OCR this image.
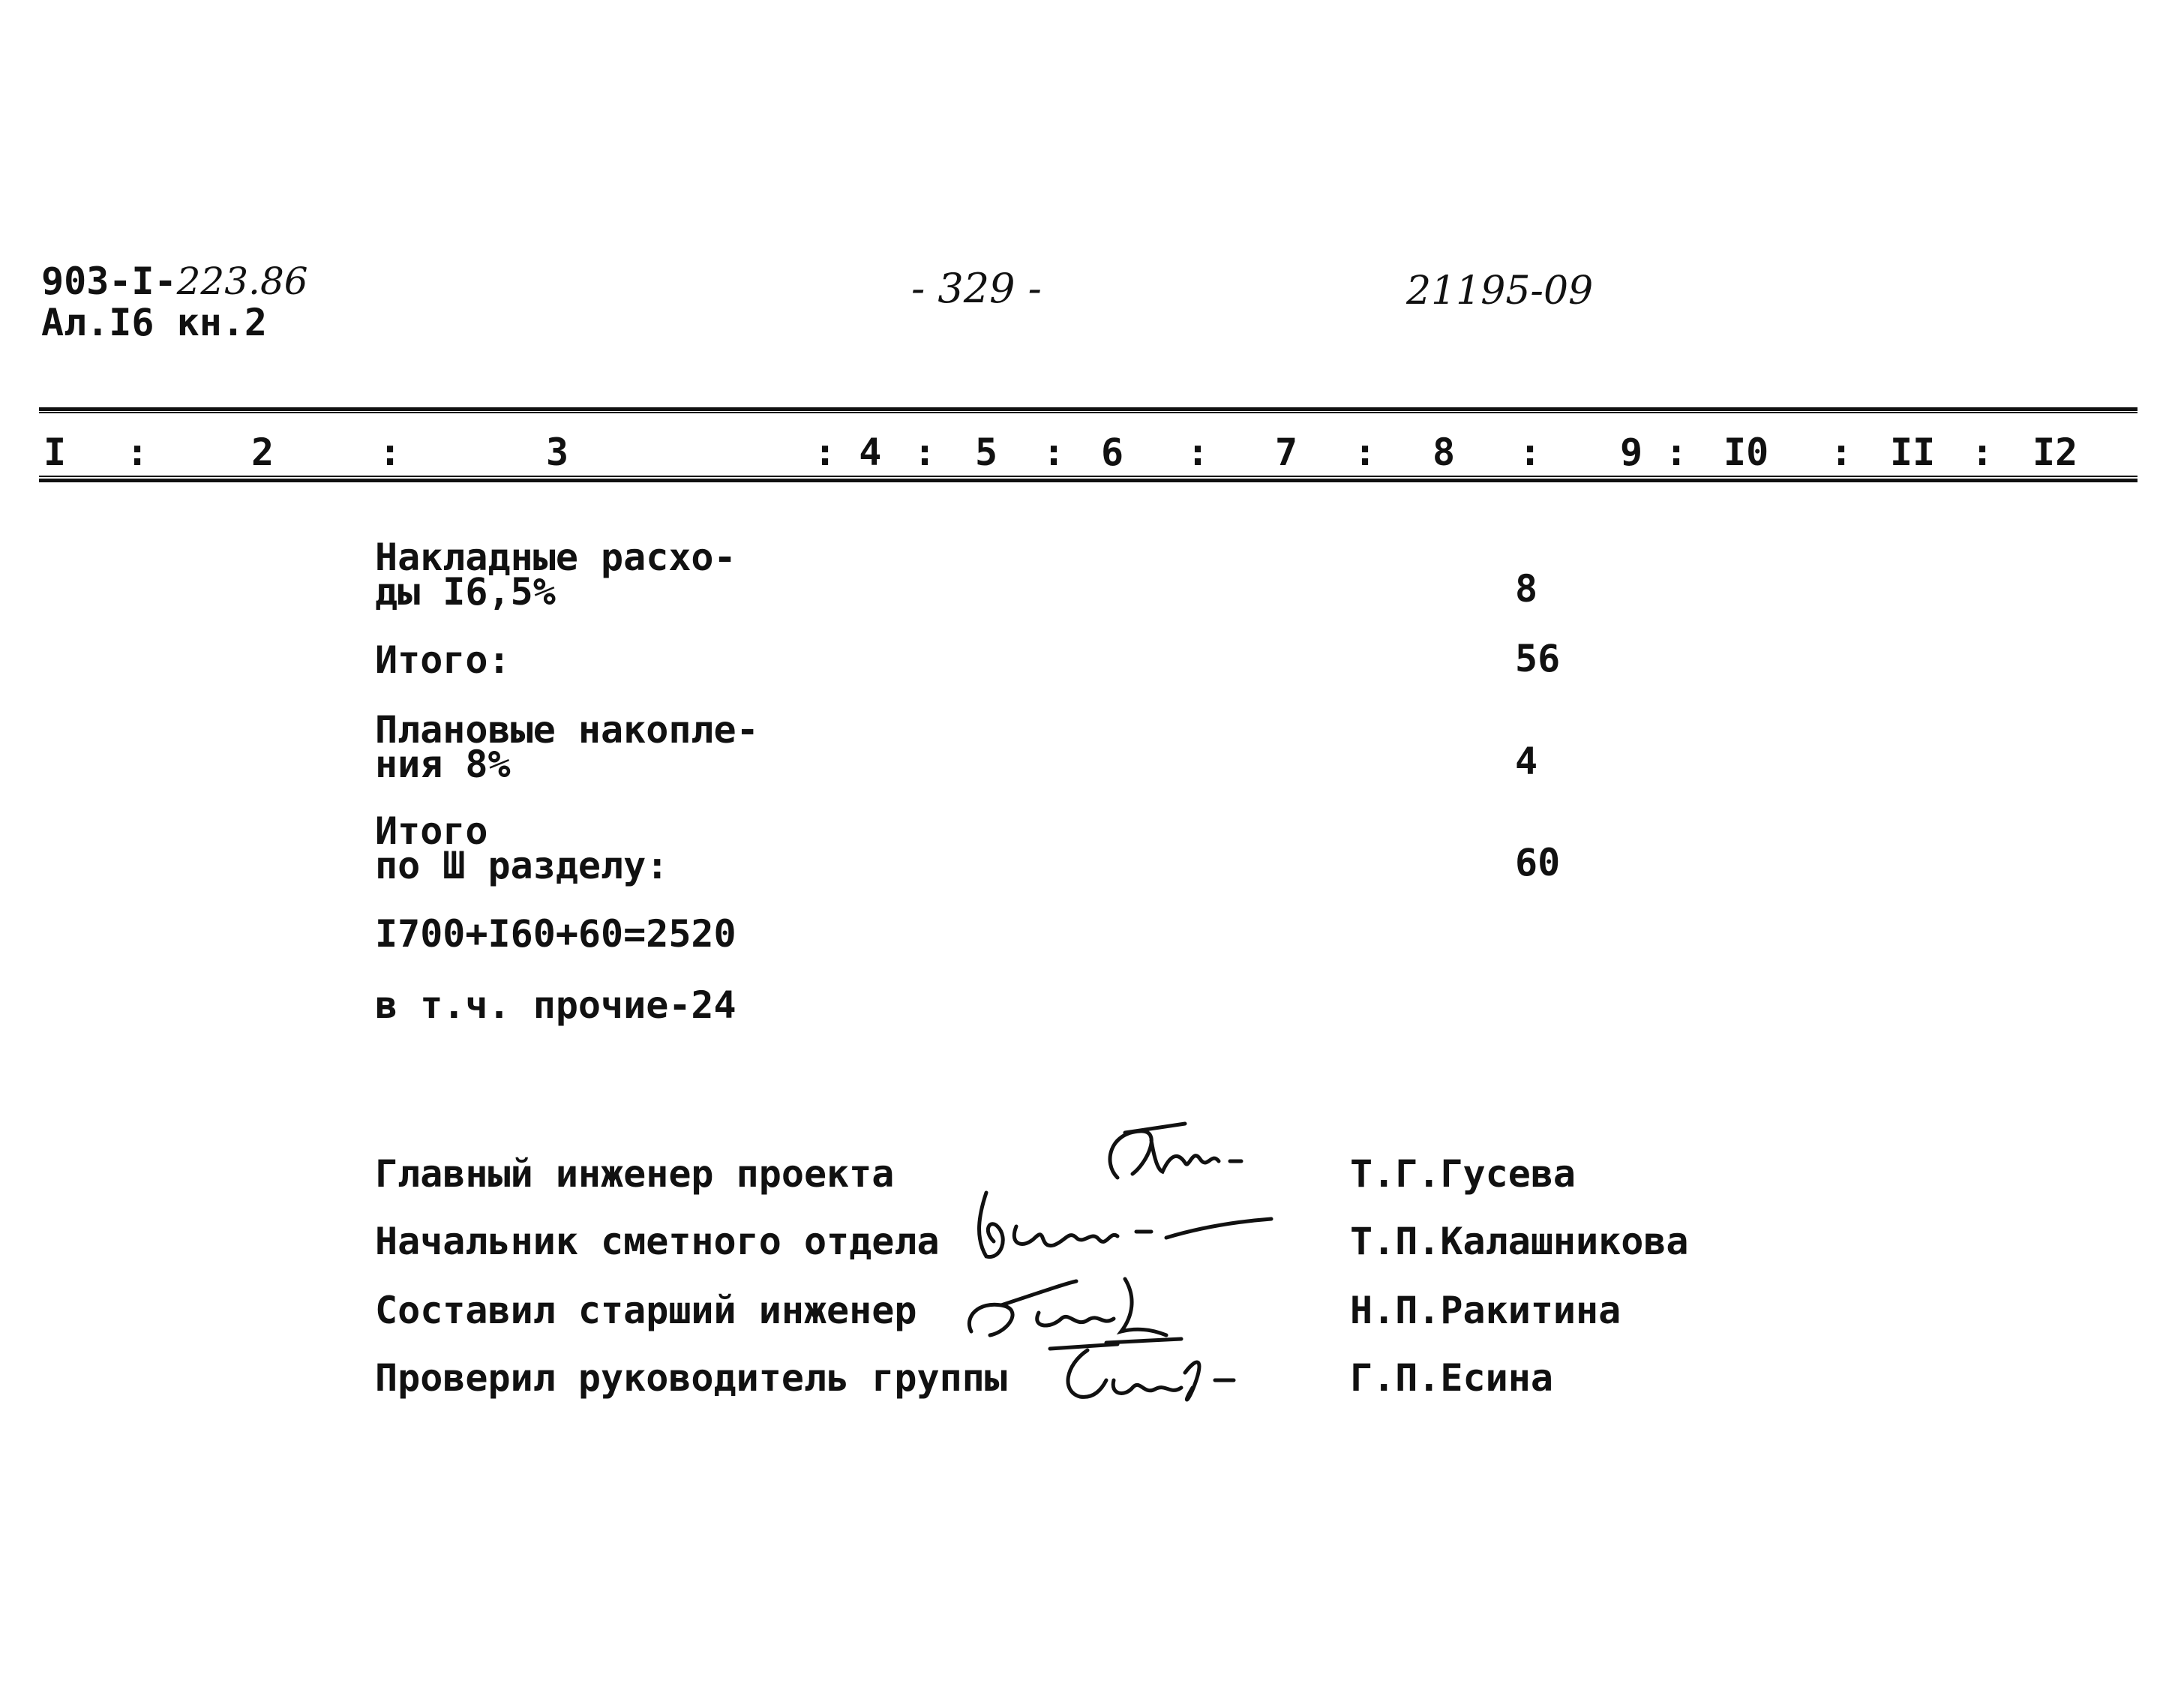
903-I-223.86
Ал.I6 кн.2
- 329 -	21195-09
I :	2	:	3	: 4 : 5 : 6 : 7 : 8 : 9 : I0 : II : I2
Накладные расхо-
ды I6,5%	8
Итого:	56
Плановые накопле-
ния 8%	4
Итого
по Ш разделу:	60
I700+I60+60=2520
в т.ч. прочие-24
Главный инженер проекта	Т.Г.Гусева
Начальник сметного отдела	Т.П.Калашникова
Составил старший инженер	Н.П.Ракитина
Проверил руководитель группы	Г.П.Есина
